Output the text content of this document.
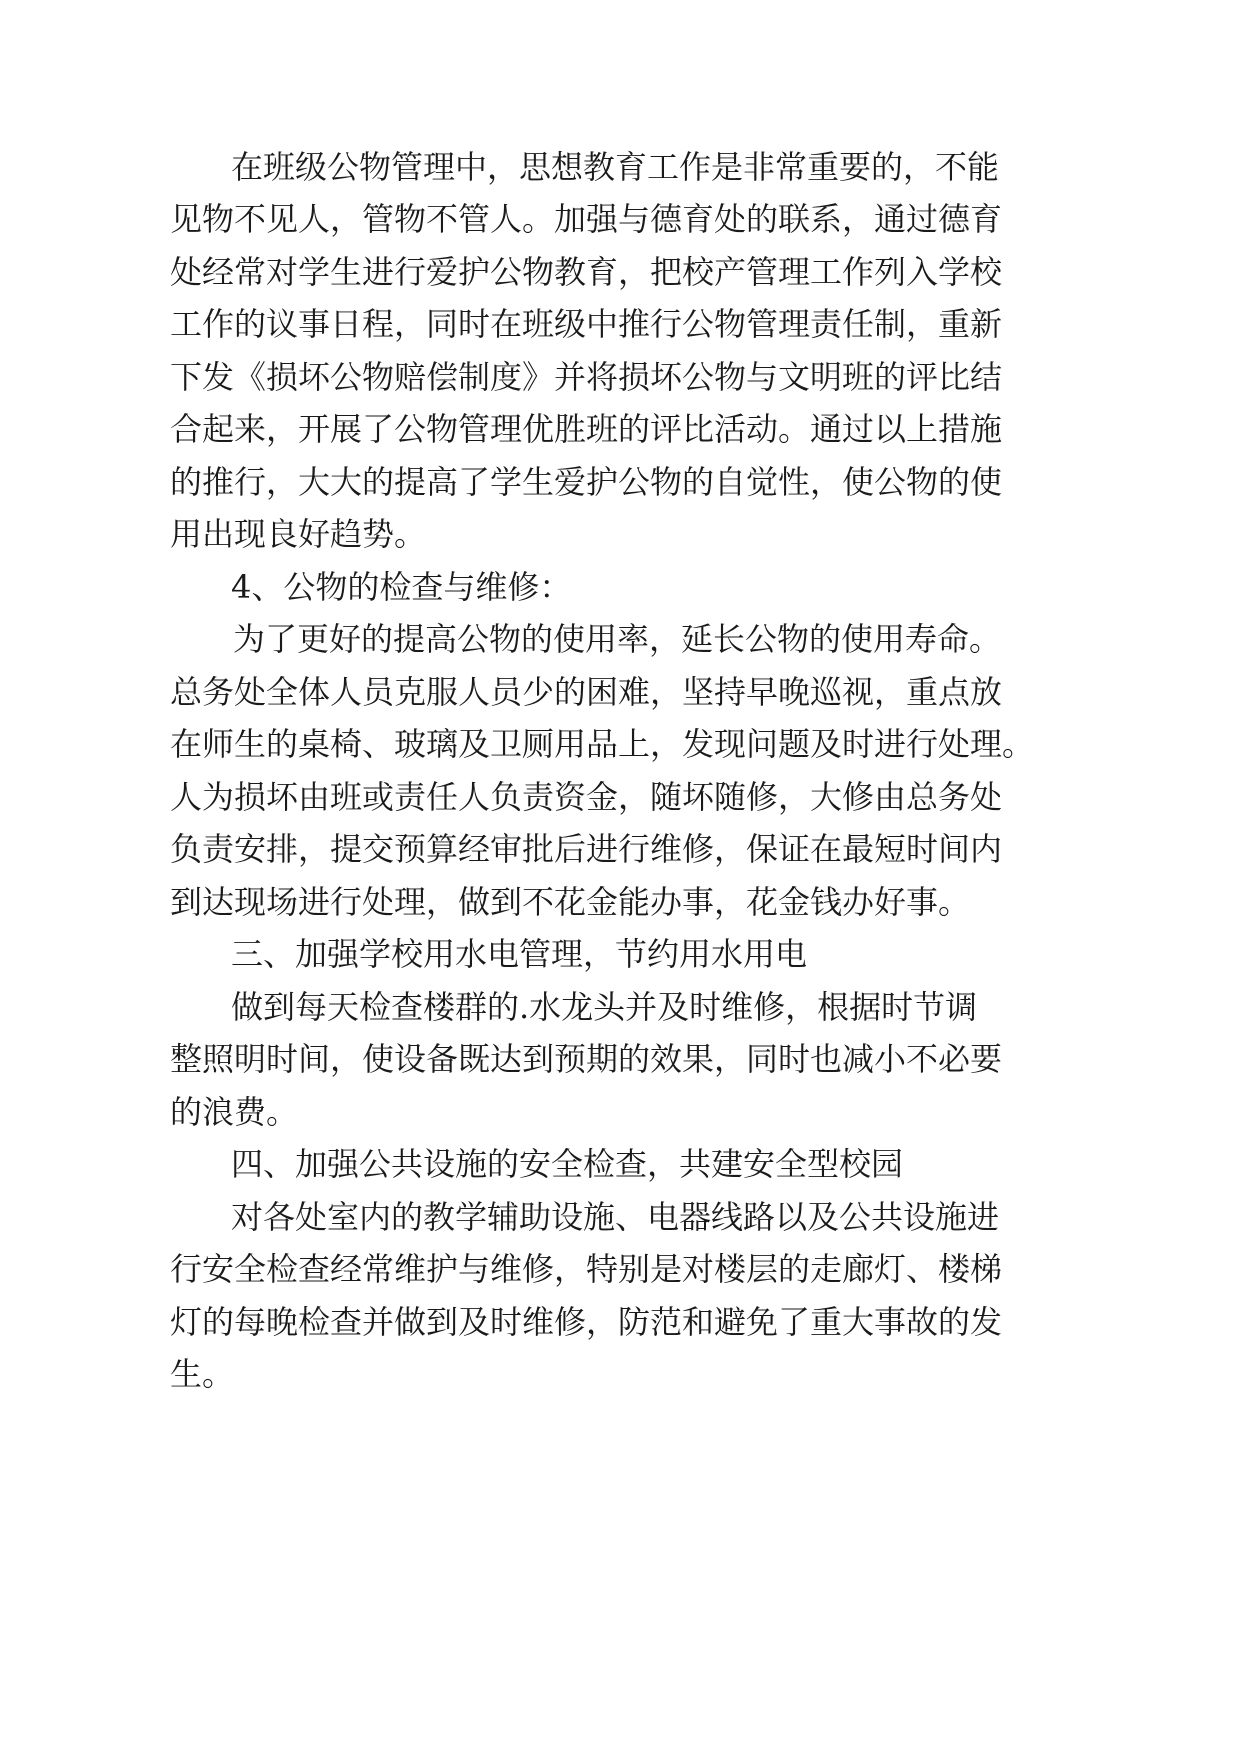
在班级公物管理中，思想教育工作是非常重要的，不能
见物不见人，管物不管人。加强与德育处的联系，通过德育
处经常对学生进行爱护公物教育，把校产管理工作列入学校
工作的议事日程，同时在班级中推行公物管理责任制，重新
下发《损坏公物赔偿制度》并将损坏公物与文明班的评比结
合起来，开展了公物管理优胜班的评比活动。通过以上措施
的推行，大大的提高了学生爱护公物的自觉性，使公物的使
用出现良好趋势。
4、公物的检查与维修：
为了更好的提高公物的使用率，延长公物的使用寿命。
总务处全体人员克服人员少的困难，坚持早晚巡视，重点放
在师生的桌椅、玻璃及卫厕用品上，发现问题及时进行处理。
人为损坏由班或责任人负责资金，随坏随修，大修由总务处
负责安排，提交预算经审批后进行维修，保证在最短时间内
到达现场进行处理，做到不花金能办事，花金钱办好事。
三、加强学校用水电管理，节约用水用电
做到每天检查楼群的.水龙头并及时维修，根据时节调
整照明时间，使设备既达到预期的效果，同时也减小不必要
的浪费。
四、加强公共设施的安全检查，共建安全型校园
对各处室内的教学辅助设施、电器线路以及公共设施进
行安全检查经常维护与维修，特别是对楼层的走廊灯、楼梯
灯的每晚检查并做到及时维修，防范和避免了重大事故的发
生。
